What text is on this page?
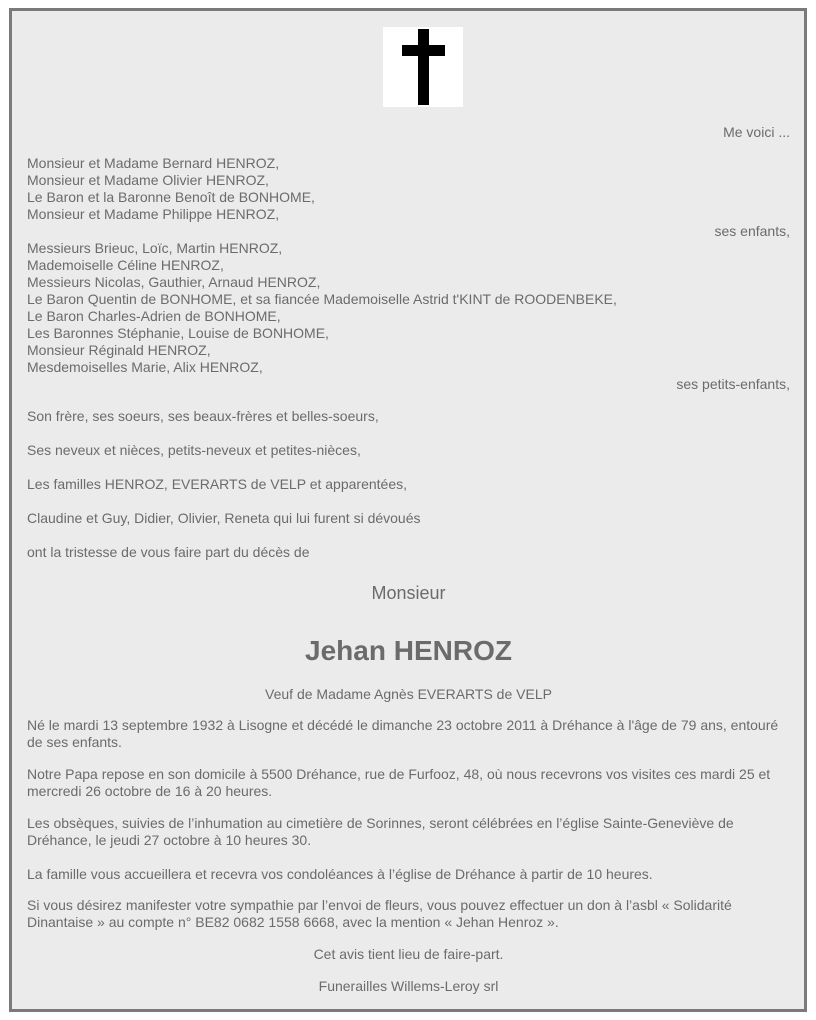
Me voici ...
Monsieur et Madame Bernard HENROZ,
Monsieur et Madame Olivier HENROZ,
Le Baron et la Baronne Benoît de BONHOME,
Monsieur et Madame Philippe HENROZ,
ses enfants,
Messieurs Brieuc, Loïc, Martin HENROZ,
Mademoiselle Céline HENROZ,
Messieurs Nicolas, Gauthier, Arnaud HENROZ,
Le Baron Quentin de BONHOME, et sa fiancée Mademoiselle Astrid t'KINT de ROODENBEKE,
Le Baron Charles-Adrien de BONHOME,
Les Baronnes Stéphanie, Louise de BONHOME,
Monsieur Réginald HENROZ,
Mesdemoiselles Marie, Alix HENROZ,
ses petits-enfants,
Son frère, ses soeurs, ses beaux-frères et belles-soeurs,
Ses neveux et nièces, petits-neveux et petites-nièces,
Les familles HENROZ, EVERARTS de VELP et apparentées,
Claudine et Guy, Didier, Olivier, Reneta qui lui furent si dévoués
ont la tristesse de vous faire part du décès de
Monsieur
Jehan HENROZ
Veuf de Madame Agnès EVERARTS de VELP
Né le mardi 13 septembre 1932 à Lisogne et décédé le dimanche 23 octobre 2011 à Dréhance à l'âge de 79 ans, entouré de ses enfants.
Notre Papa repose en son domicile à 5500 Dréhance, rue de Furfooz, 48, où nous recevrons vos visites ces mardi 25 et mercredi 26 octobre de 16 à 20 heures.
Les obsèques, suivies de l’inhumation au cimetière de Sorinnes, seront célébrées en l’église Sainte-Geneviève de Dréhance, le jeudi 27 octobre à 10 heures 30.
La famille vous accueillera et recevra vos condoléances à l’église de Dréhance à partir de 10 heures.
Si vous désirez manifester votre sympathie par l’envoi de fleurs, vous pouvez effectuer un don à l’asbl « Solidarité Dinantaise » au compte n° BE82 0682 1558 6668, avec la mention « Jehan Henroz ».
Cet avis tient lieu de faire-part.
Funerailles Willems-Leroy srl
